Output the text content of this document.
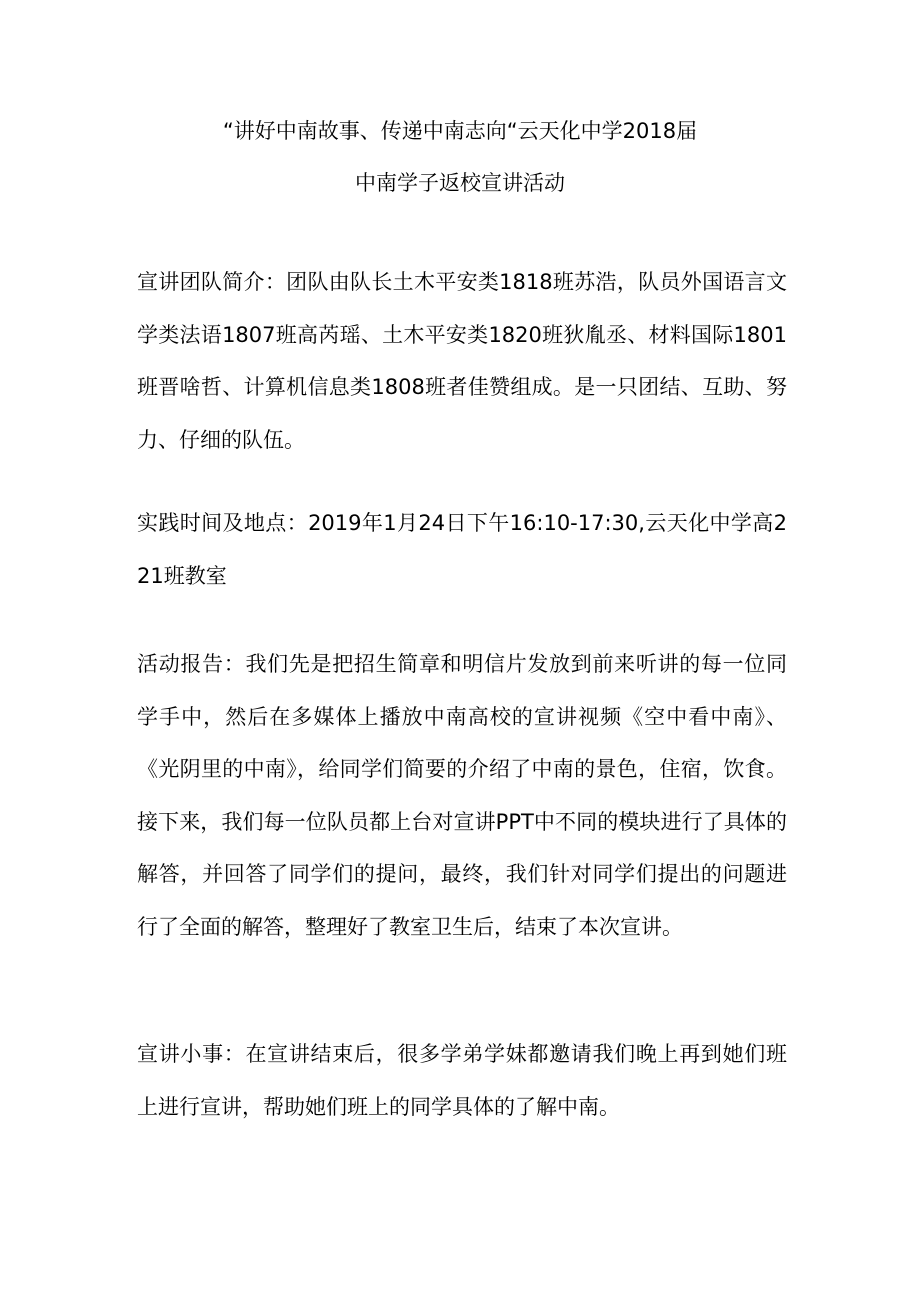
“讲好中南故事、传递中南志向“云天化中学2018届
中南学子返校宣讲活动

宣讲团队简介：团队由队长土木平安类1818班苏浩，队员外国语言文学类法语1807班高芮瑶、土木平安类1820班狄胤丞、材料国际1801班晋啥哲、计算机信息类1808班者佳赞组成。是一只团结、互助、努力、仔细的队伍。

实践时间及地点：2019年1月24日下午16:10-17:30,云天化中学高221班教室

活动报告：我们先是把招生简章和明信片发放到前来听讲的每一位同学手中，然后在多媒体上播放中南高校的宣讲视频《空中看中南》、《光阴里的中南》，给同学们简要的介绍了中南的景色，住宿，饮食。接下来，我们每一位队员都上台对宣讲PPT中不同的模块进行了具体的解答，并回答了同学们的提问，最终，我们针对同学们提出的问题进行了全面的解答，整理好了教室卫生后，结束了本次宣讲。

宣讲小事：在宣讲结束后，很多学弟学妹都邀请我们晚上再到她们班上进行宣讲，帮助她们班上的同学具体的了解中南。
